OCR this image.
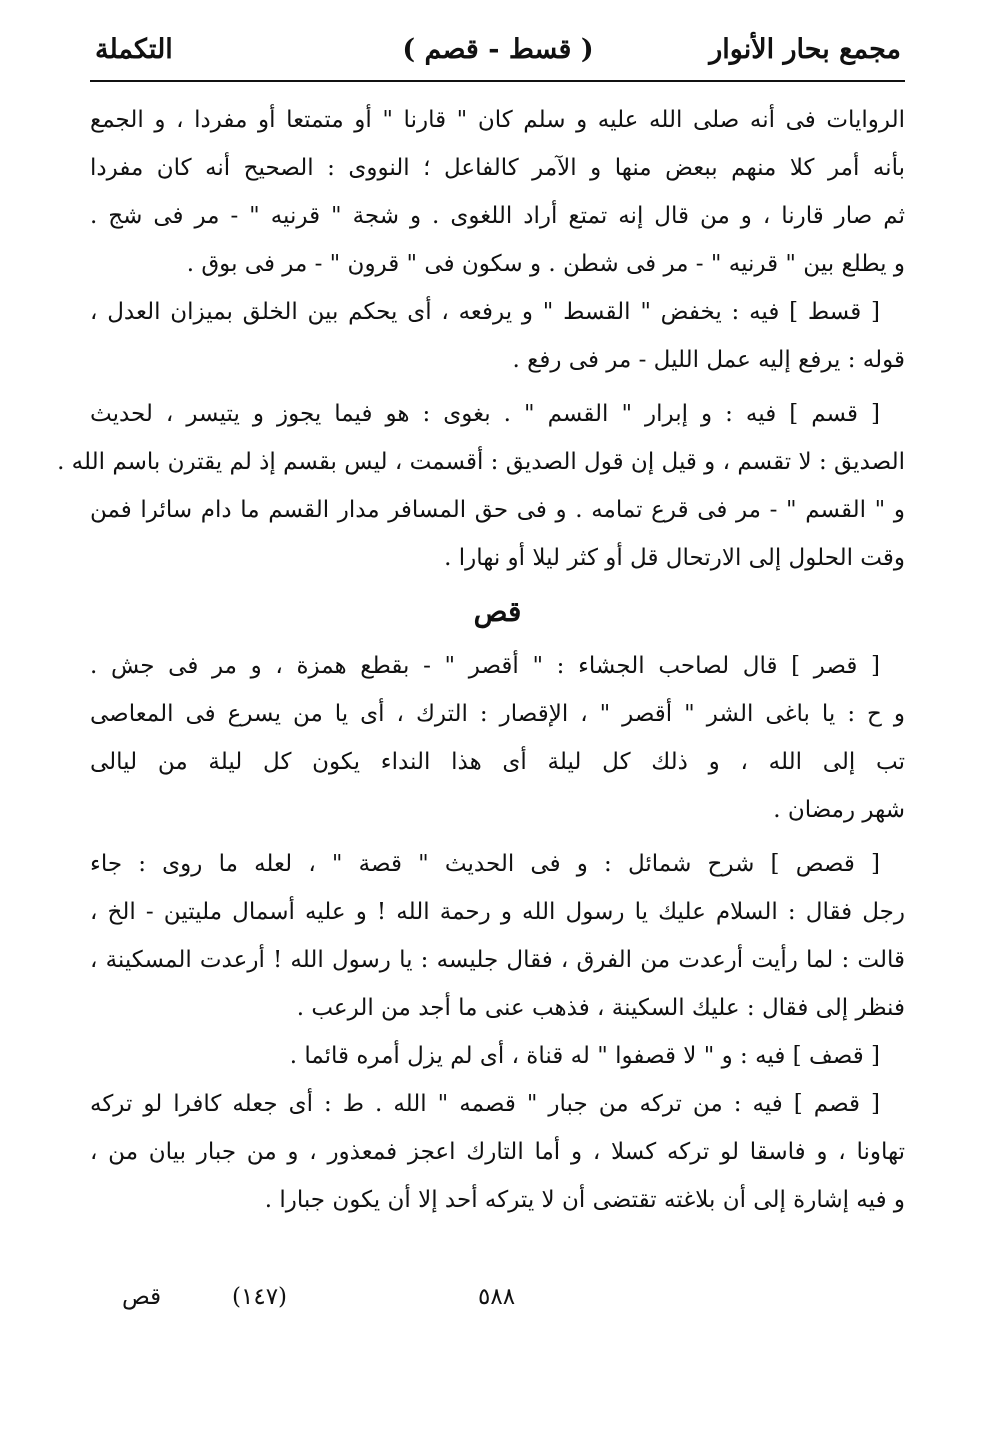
مجمع بحار الأنوار
( قسط - قصم )
التكملة
الروايات فى أنه صلى الله عليه و سلم كان " قارنا " أو متمتعا أو مفردا ، و الجمع
بأنه أمر كلا منهم ببعض منها و الآمر كالفاعل ؛ النووى : الصحيح أنه كان مفردا
ثم صار قارنا ، و من قال إنه تمتع أراد اللغوى . و شجة " قرنيه " - مر فى شج .
و يطلع بين " قرنيه " - مر فى شطن . و سكون فى " قرون " - مر فى بوق .
[ قسط ] فيه : يخفض " القسط " و يرفعه ، أى يحكم بين الخلق بميزان العدل ،
قوله : يرفع إليه عمل الليل - مر فى رفع .
[ قسم ] فيه : و إبرار " القسم " . بغوى : هو فيما يجوز و يتيسر ، لحديث
الصديق : لا تقسم ، و قيل إن قول الصديق : أقسمت ، ليس بقسم إذ لم يقترن باسم الله .
و " القسم " - مر فى قرع تمامه . و فى حق المسافر مدار القسم ما دام سائرا فمن
وقت الحلول إلى الارتحال قل أو كثر ليلا أو نهارا .
قص
[ قصر ] قال لصاحب الجشاء : " أقصر " - بقطع همزة ، و مر فى جش .
و ح : يا باغى الشر " أقصر " ، الإقصار : الترك ، أى يا من يسرع فى المعاصى
تب إلى الله ، و ذلك كل ليلة أى هذا النداء يكون كل ليلة من ليالى
شهر رمضان .
[ قصص ] شرح شمائل : و فى الحديث " قصة " ، لعله ما روى : جاء
رجل فقال : السلام عليك يا رسول الله و رحمة الله ! و عليه أسمال مليتين - الخ ،
قالت : لما رأيت أرعدت من الفرق ، فقال جليسه : يا رسول الله ! أرعدت المسكينة ،
فنظر إلى فقال : عليك السكينة ، فذهب عنى ما أجد من الرعب .
[ قصف ] فيه : و " لا قصفوا " له قناة ، أى لم يزل أمره قائما .
[ قصم ] فيه : من تركه من جبار " قصمه " الله . ط : أى جعله كافرا لو تركه
تهاونا ، و فاسقا لو تركه كسلا ، و أما التارك اعجز فمعذور ، و من جبار بيان من ،
و فيه إشارة إلى أن بلاغته تقتضى أن لا يتركه أحد إلا أن يكون جبارا .
(١٤٧)	٥٨٨
قص
